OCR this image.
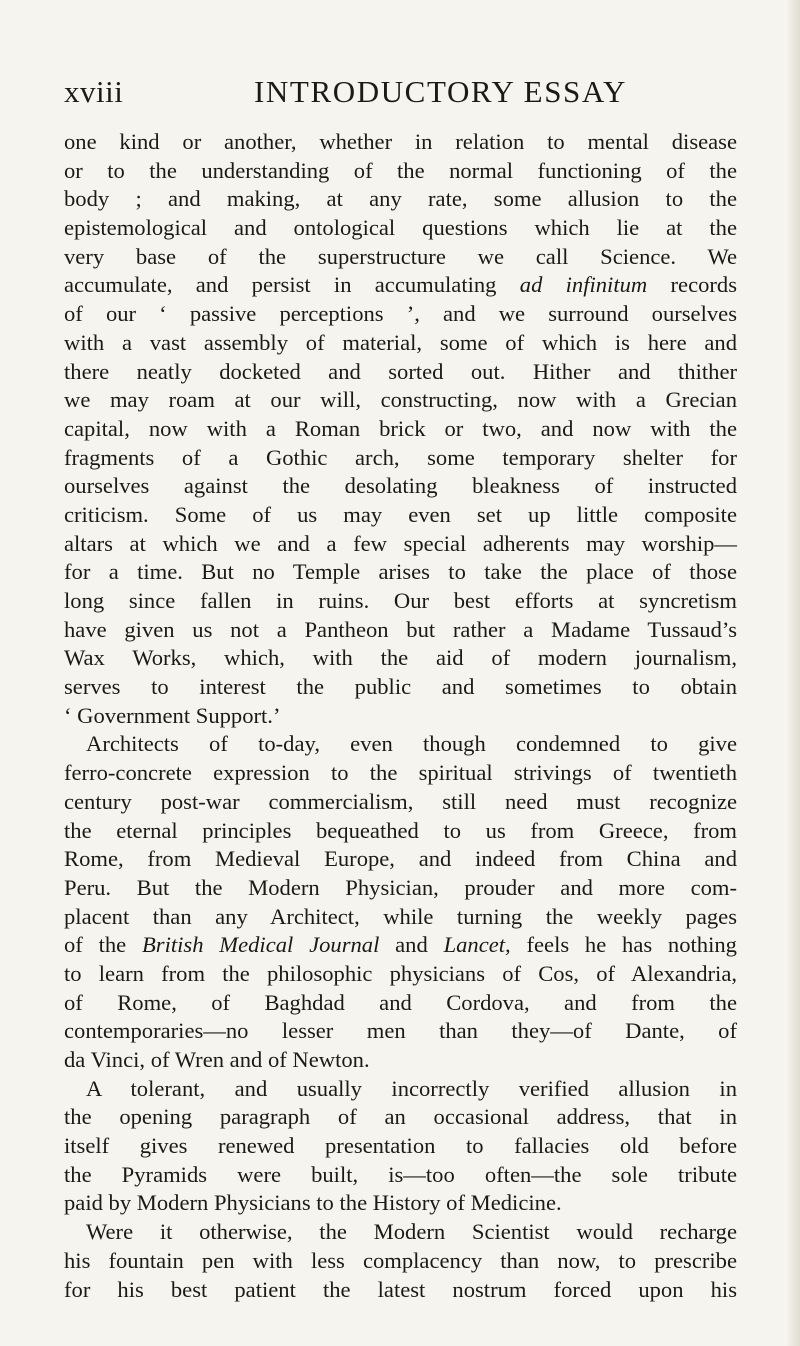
xviii	INTRODUCTORY ESSAY
one kind or another, whether in relation to mental disease
or to the understanding of the normal functioning of the
body ; and making, at any rate, some allusion to the
epistemological and ontological questions which lie at the
very base of the superstructure we call Science. We
accumulate, and persist in accumulating ad infinitum records
of our ‘ passive perceptions ’, and we surround ourselves
with a vast assembly of material, some of which is here and
there neatly docketed and sorted out. Hither and thither
we may roam at our will, constructing, now with a Grecian
capital, now with a Roman brick or two, and now with the
fragments of a Gothic arch, some temporary shelter for
ourselves against the desolating bleakness of instructed
criticism. Some of us may even set up little composite
altars at which we and a few special adherents may worship—
for a time. But no Temple arises to take the place of those
long since fallen in ruins. Our best efforts at syncretism
have given us not a Pantheon but rather a Madame Tussaud’s
Wax Works, which, with the aid of modern journalism,
serves to interest the public and sometimes to obtain
‘ Government Support.’
Architects of to-day, even though condemned to give
ferro-concrete expression to the spiritual strivings of twentieth
century post-war commercialism, still need must recognize
the eternal principles bequeathed to us from Greece, from
Rome, from Medieval Europe, and indeed from China and
Peru. But the Modern Physician, prouder and more com-
placent than any Architect, while turning the weekly pages
of the British Medical Journal and Lancet, feels he has nothing
to learn from the philosophic physicians of Cos, of Alexandria,
of Rome, of Baghdad and Cordova, and from the
contemporaries—no lesser men than they—of Dante, of
da Vinci, of Wren and of Newton.
A tolerant, and usually incorrectly verified allusion in
the opening paragraph of an occasional address, that in
itself gives renewed presentation to fallacies old before
the Pyramids were built, is—too often—the sole tribute
paid by Modern Physicians to the History of Medicine.
Were it otherwise, the Modern Scientist would recharge
his fountain pen with less complacency than now, to prescribe
for his best patient the latest nostrum forced upon his
